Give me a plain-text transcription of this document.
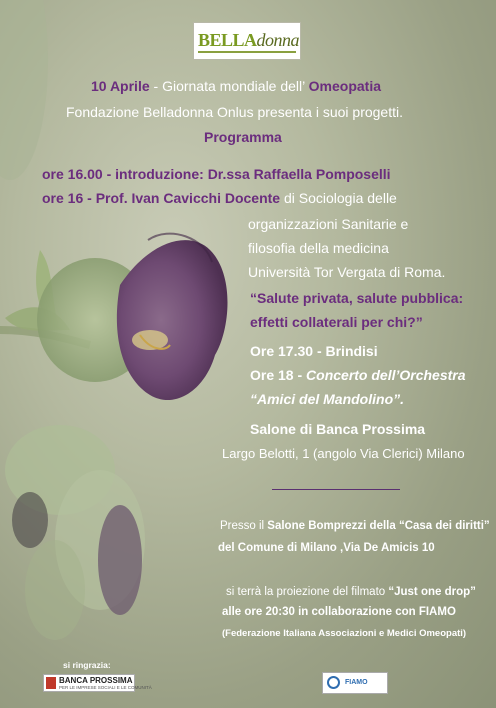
BELLAdonna
10 Aprile - Giornata mondiale dell’ Omeopatia
Fondazione Belladonna Onlus presenta i suoi progetti.
Programma
ore 16.00 - introduzione: Dr.ssa Raffaella Pomposelli
ore 16 - Prof. Ivan Cavicchi Docente di Sociologia delle
organizzazioni Sanitarie e
filosofia della medicina
Università Tor Vergata di Roma.
“Salute privata, salute pubblica:
effetti collaterali per chi?”
Ore 17.30 - Brindisi
Ore 18 - Concerto dell’Orchestra
“Amici del Mandolino”.
Salone di Banca Prossima
Largo Belotti, 1 (angolo Via Clerici) Milano
Presso il Salone Bomprezzi della “Casa dei diritti”
del Comune di Milano ,Via De Amicis 10
si terrà la proiezione del filmato “Just one drop”
alle ore 20:30 in collaborazione con FIAMO
(Federazione Italiana Associazioni e Medici Omeopati)
si ringrazia:
BANCA PROSSIMA
PER LE IMPRESE SOCIALI E LE COMUNITÀ
FIAMO
